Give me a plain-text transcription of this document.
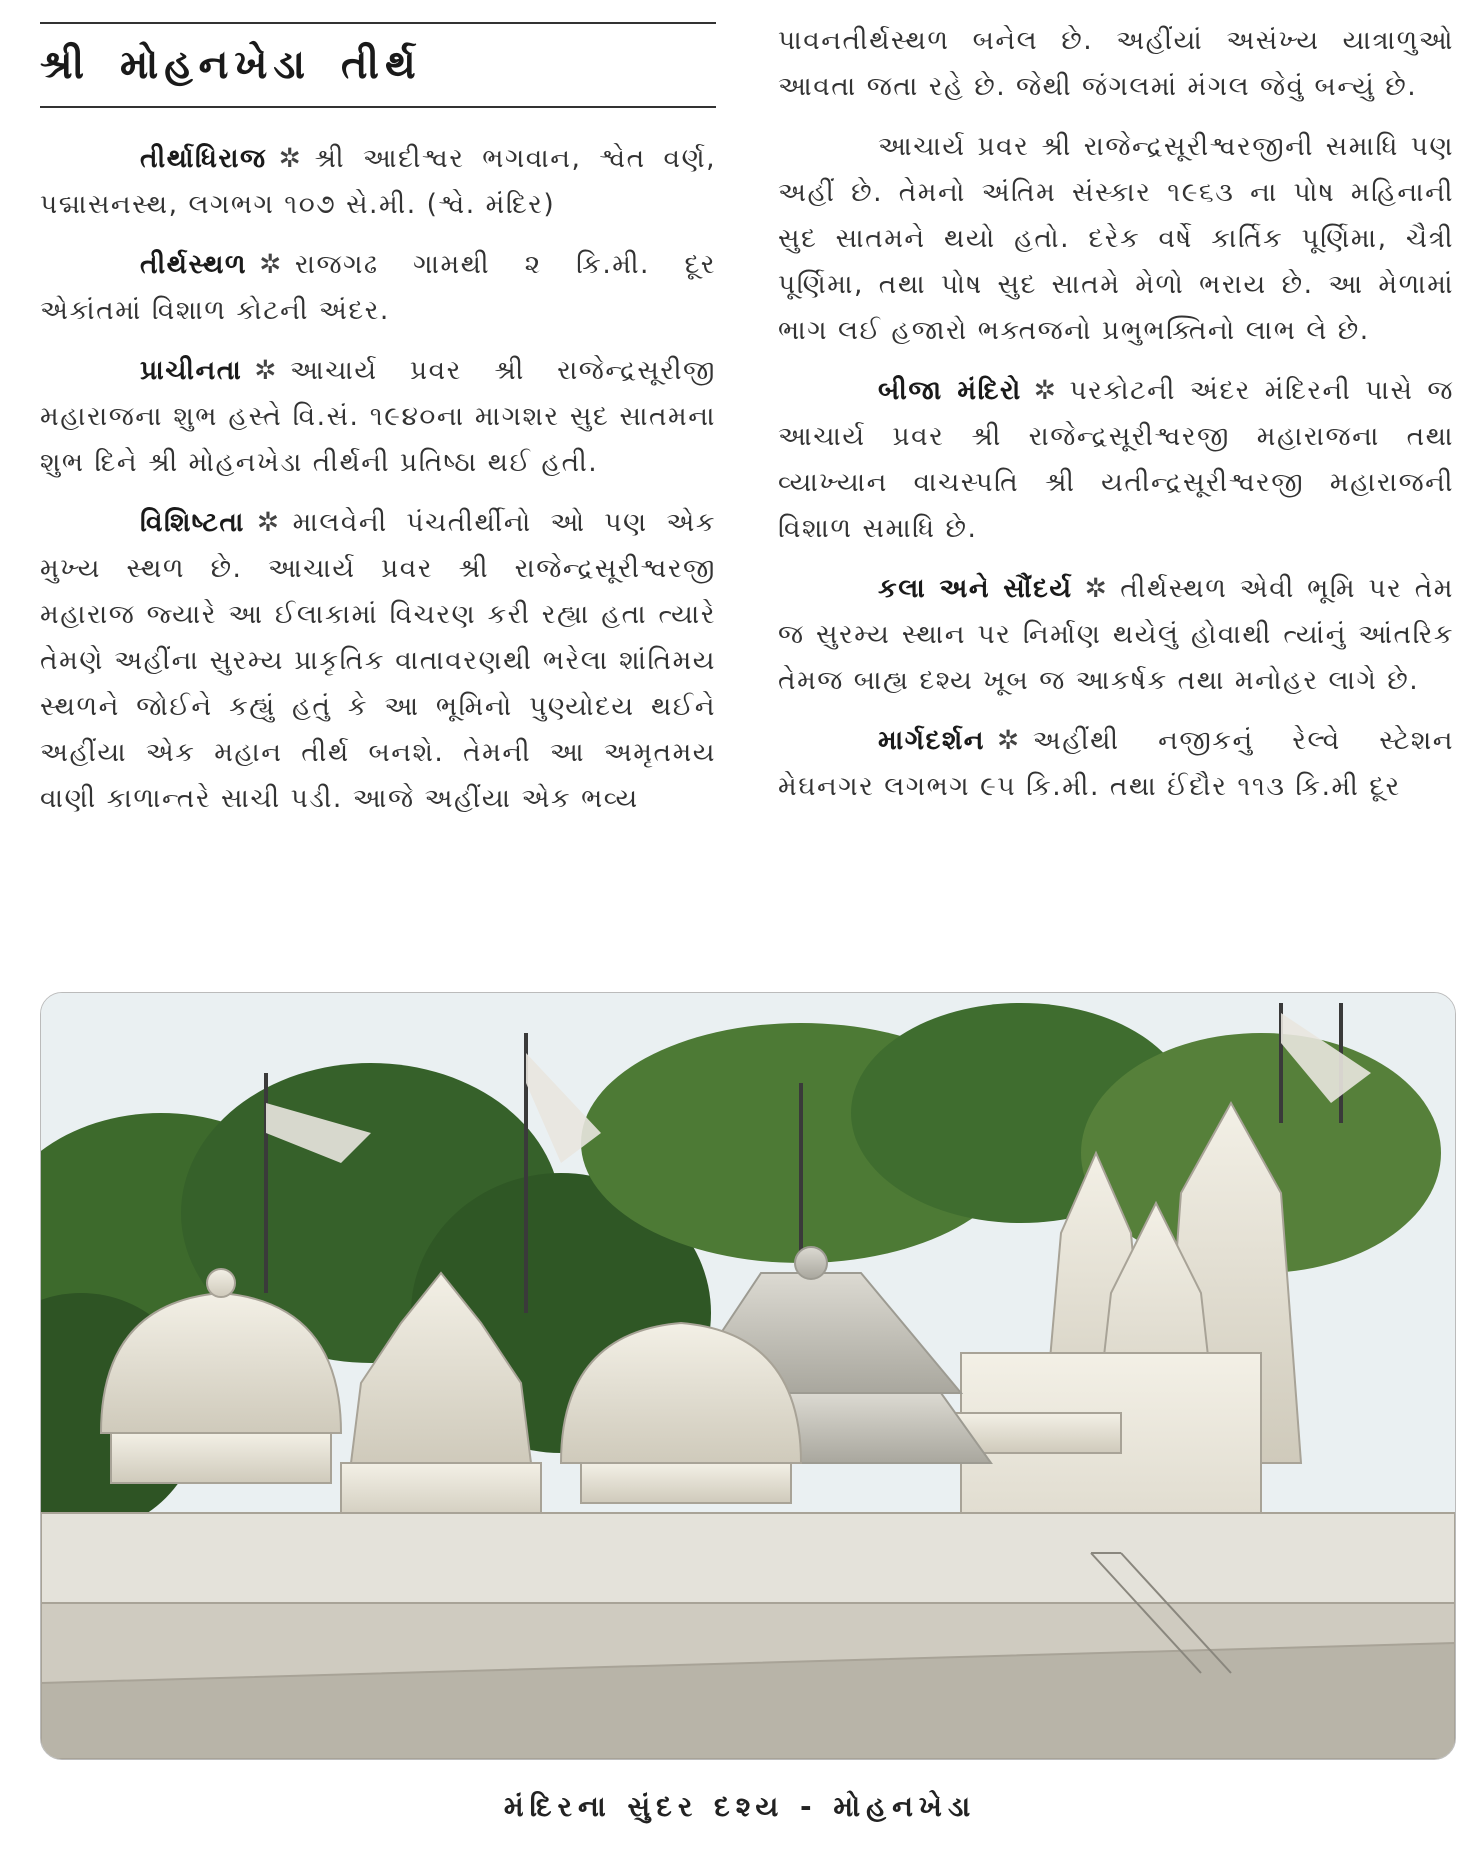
શ્રી મોહનખેડા તીર્થ

તીર્થાધિરાજ ✲ શ્રી આદીશ્વર ભગવાન, શ્વેત વર્ણ, પદ્માસનસ્થ, લગભગ ૧૦૭ સે.મી. (શ્વે. મંદિર)

તીર્થસ્થળ ✲ રાજગઢ ગામથી ૨ કિ.મી. દૂર એકાંતમાં વિશાળ કોટની અંદર.

પ્રાચીનતા ✲ આચાર્ય પ્રવર શ્રી રાજેન્દ્રસૂરીજી મહારાજના શુભ હસ્તે વિ.સં. ૧૯૪૦ના માગશર સુદ સાતમના શુભ દિને શ્રી મોહનખેડા તીર્થની પ્રતિષ્ઠા થઈ હતી.

વિશિષ્ટતા ✲ માલવેની પંચતીર્થીનો ઓ પણ એક મુખ્ય સ્થળ છે. આચાર્ય પ્રવર શ્રી રાજેન્દ્રસૂરીશ્વરજી મહારાજ જ્યારે આ ઈલાકામાં વિચરણ કરી રહ્યા હતા ત્યારે તેમણે અહીંના સુરમ્ય પ્રાકૃતિક વાતાવરણથી ભરેલા શાંતિમય સ્થળને જોઈને કહ્યું હતું કે આ ભૂમિનો પુણ્યોદય થઈને અહીંયા એક મહાન તીર્થ બનશે. તેમની આ અમૃતમય વાણી કાળાન્તરે સાચી પડી. આજે અહીંયા એક ભવ્ય

પાવનતીર્થસ્થળ બનેલ છે. અહીંયાં અસંખ્ય યાત્રાળુઓ આવતા જતા રહે છે. જેથી જંગલમાં મંગલ જેવું બન્યું છે.

આચાર્ય પ્રવર શ્રી રાજેન્દ્રસૂરીશ્વરજીની સમાધિ પણ અહીં છે. તેમનો અંતિમ સંસ્કાર ૧૯૬૩ ના પોષ મહિનાની સુદ સાતમને થયો હતો. દરેક વર્ષે કાર્તિક પૂર્ણિમા, ચૈત્રી પૂર્ણિમા, તથા પોષ સુદ સાતમે મેળો ભરાય છે. આ મેળામાં ભાગ લઈ હજારો ભક્તજનો પ્રભુભક્તિનો લાભ લે છે.

બીજા મંદિરો ✲ પરકોટની અંદર મંદિરની પાસે જ આચાર્ય પ્રવર શ્રી રાજેન્દ્રસૂરીશ્વરજી મહારાજના તથા વ્યાખ્યાન વાચસ્પતિ શ્રી યતીન્દ્રસૂરીશ્વરજી મહારાજની વિશાળ સમાધિ છે.

કલા અને સૌંદર્ય ✲ તીર્થસ્થળ એવી ભૂમિ પર તેમ જ સુરમ્ય સ્થાન પર નિર્માણ થયેલું હોવાથી ત્યાંનું આંતરિક તેમજ બાહ્ય દશ્ય ખૂબ જ આકર્ષક તથા મનોહર લાગે છે.

માર્ગદર્શન ✲ અહીંથી નજીકનું રેલ્વે સ્ટેશન મેઘનગર લગભગ ૯૫ કિ.મી. તથા ઈંદૌર ૧૧૩ કિ.મી દૂર

મંદિરના સુંદર દશ્ય - મોહનખેડા
